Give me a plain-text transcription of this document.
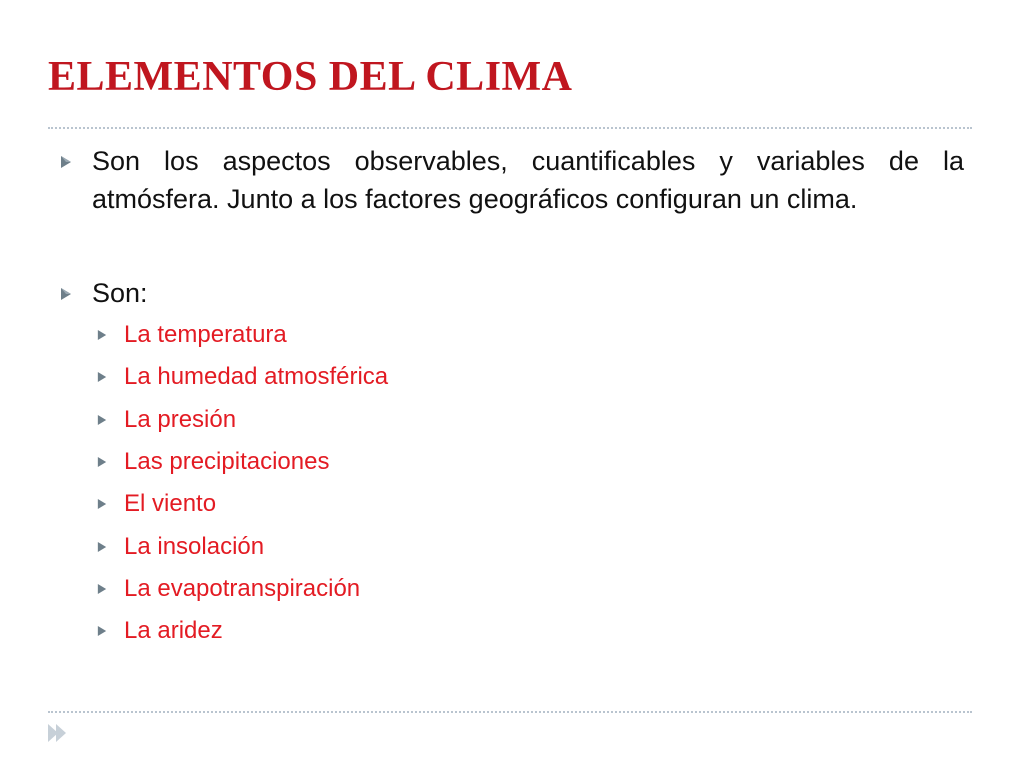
ELEMENTOS DEL CLIMA

Son los aspectos observables, cuantificables y variables de la atmósfera. Junto a los factores geográficos configuran un clima.

Son:

La temperatura

La humedad atmosférica

La presión

Las precipitaciones

El viento

La insolación

La evapotranspiración

La aridez
